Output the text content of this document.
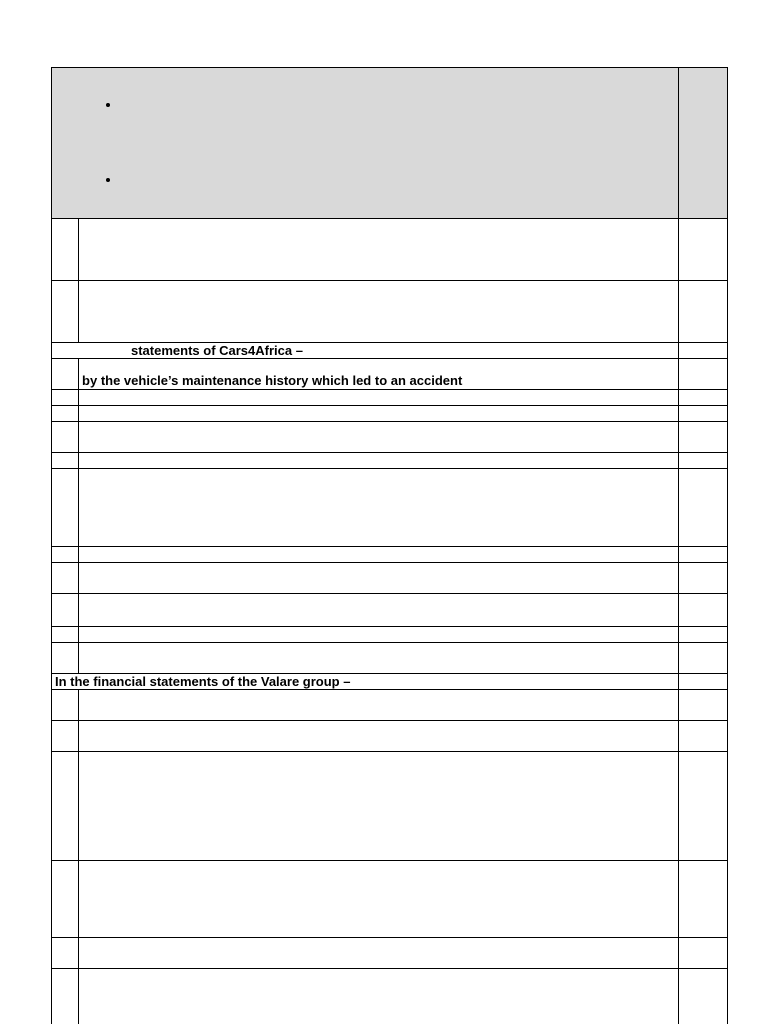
•
•

statements of Cars4Africa –		

	by the vehicle’s maintenance history which led to an accident	

In the financial statements of the Valare group –		
